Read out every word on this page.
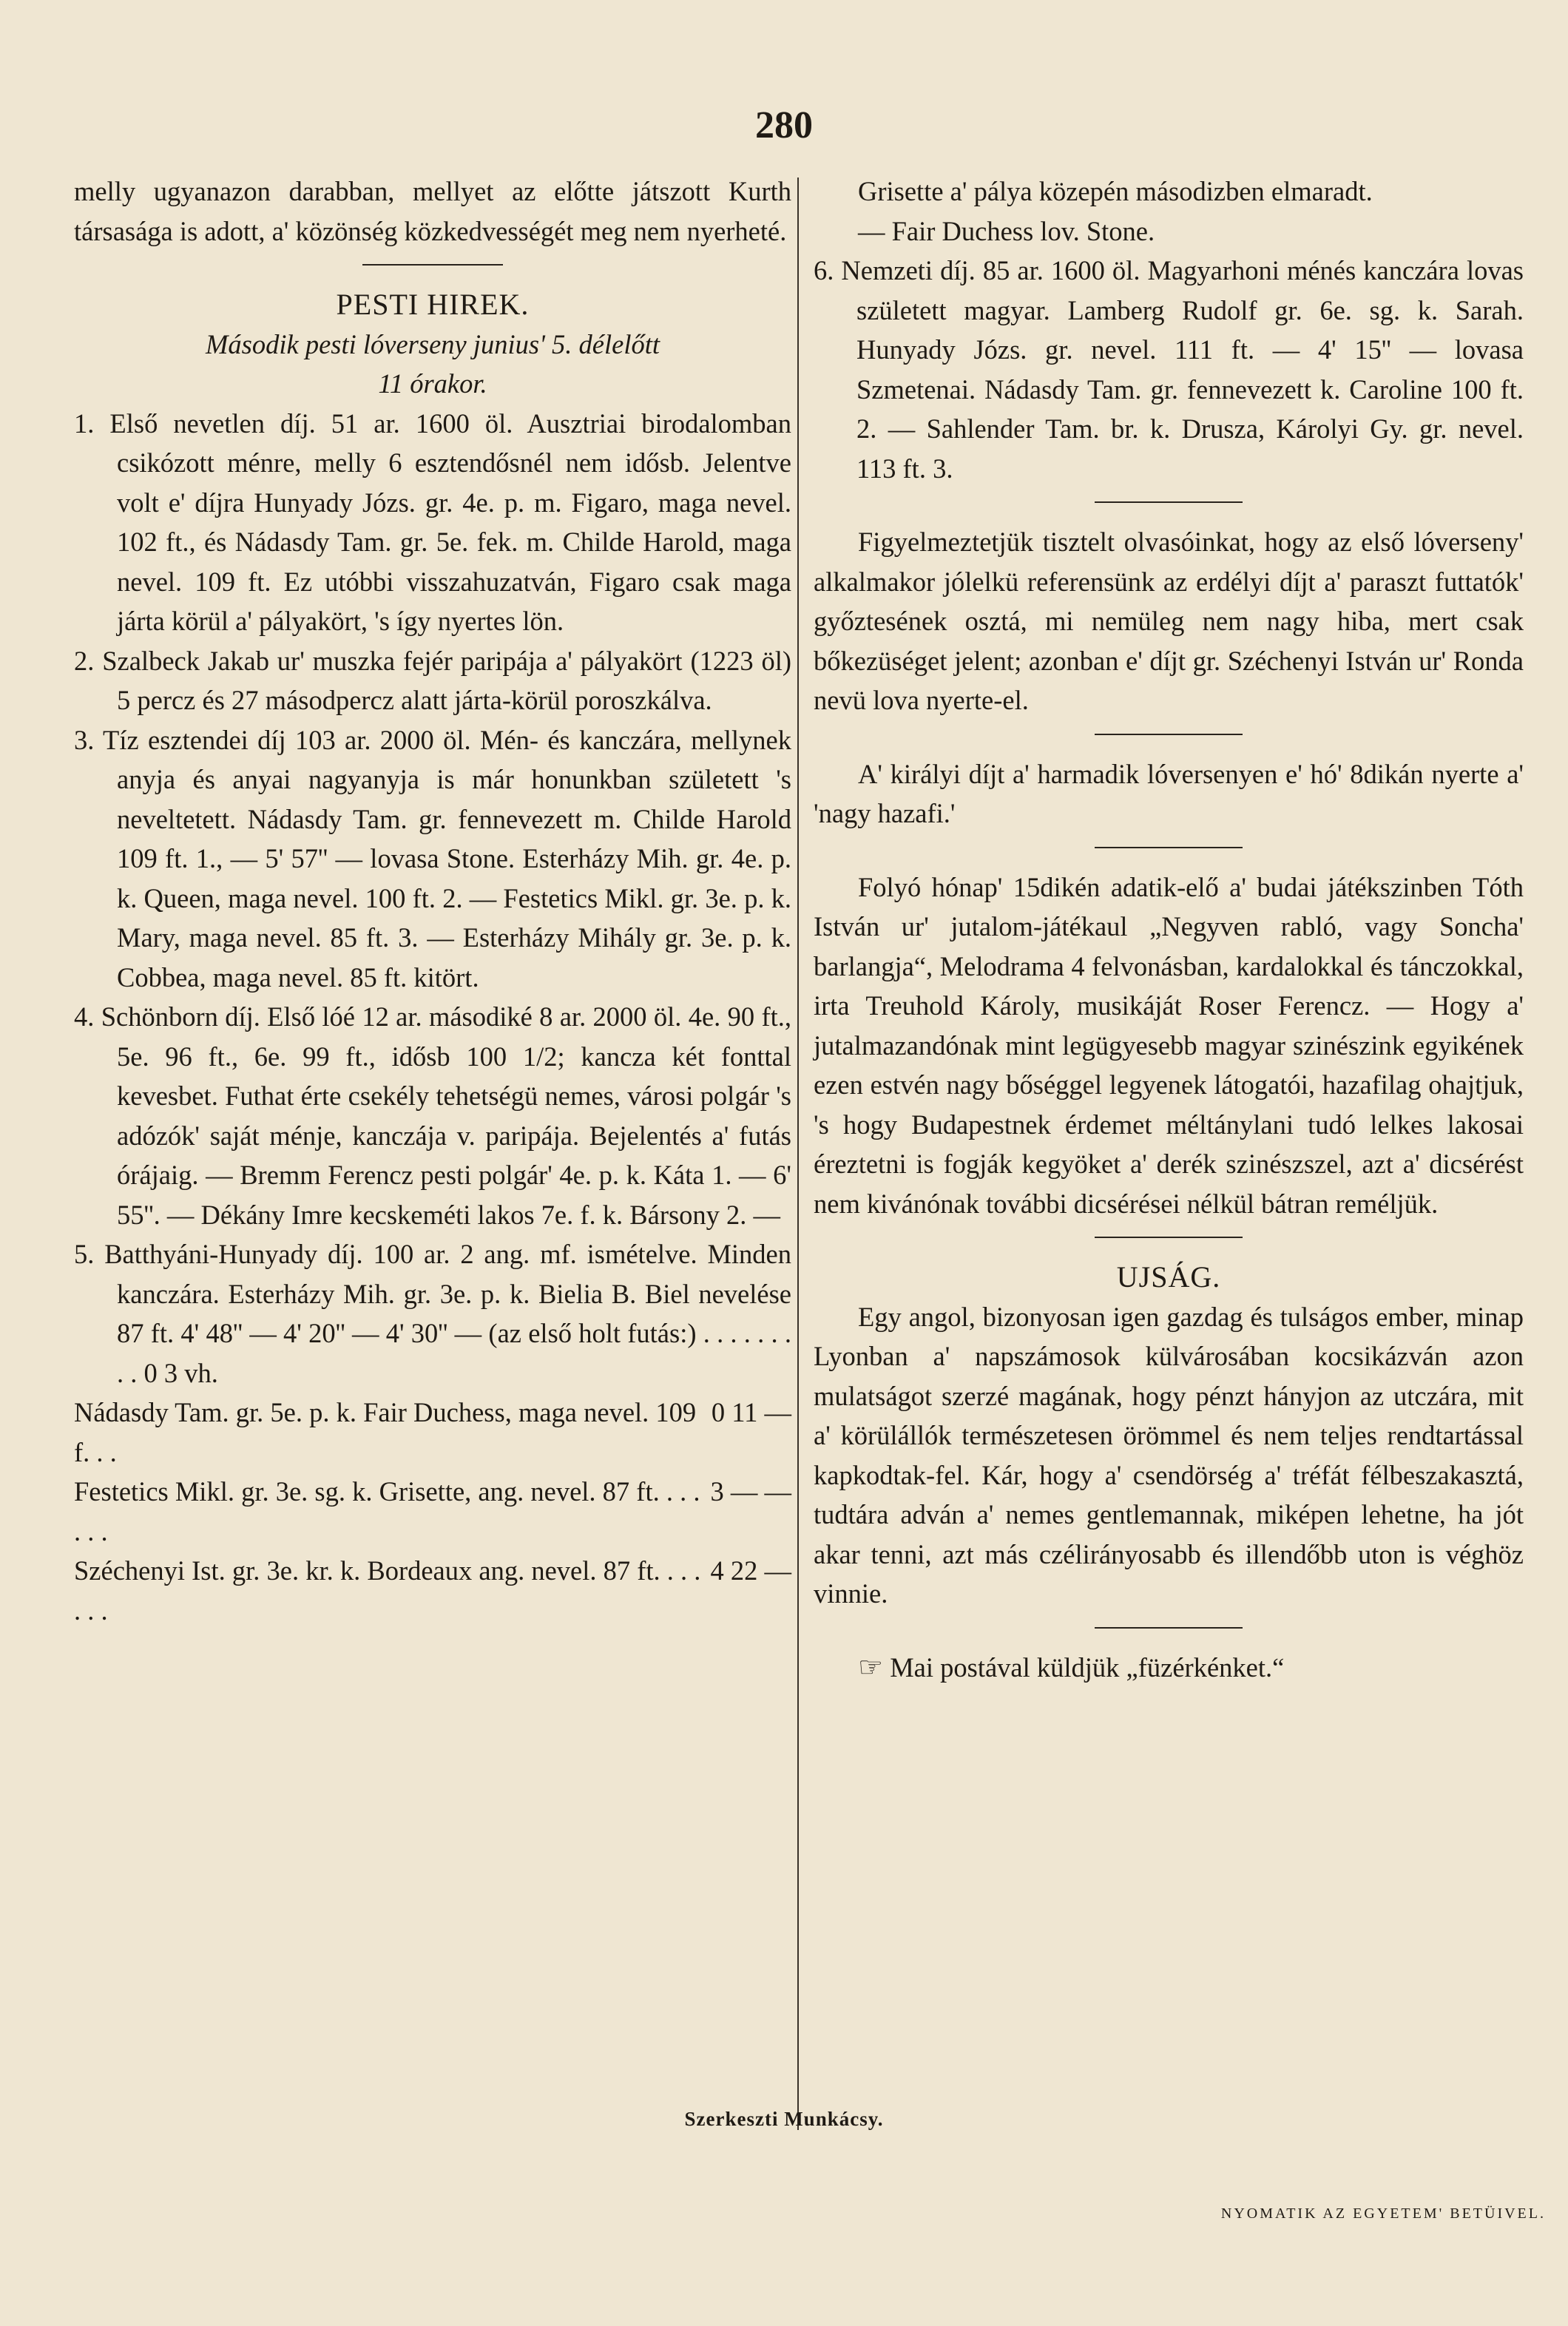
280

melly ugyanazon darabban, mellyet az előtte játszott Kurth társasága is adott, a' közönség közkedvességét meg nem nyerheté.

PESTI HIREK.

Második pesti lóverseny junius' 5. délelőtt

11 órakor.

1. Első nevetlen díj. 51 ar. 1600 öl. Ausztriai birodalomban csikózott ménre, melly 6 esztendősnél nem idősb. Jelentve volt e' díjra Hunyady Józs. gr. 4e. p. m. Figaro, maga nevel. 102 ft., és Nádasdy Tam. gr. 5e. fek. m. Childe Harold, maga nevel. 109 ft. Ez utóbbi visszahuzatván, Figaro csak maga járta körül a' pályakört, 's így nyertes lön.

2. Szalbeck Jakab ur' muszka fejér paripája a' pályakört (1223 öl) 5 percz és 27 másodpercz alatt járta-körül poroszkálva.

3. Tíz esztendei díj 103 ar. 2000 öl. Mén- és kanczára, mellynek anyja és anyai nagyanyja is már honunkban született 's neveltetett. Nádasdy Tam. gr. fennevezett m. Childe Harold 109 ft. 1., — 5' 57'' — lovasa Stone. Esterházy Mih. gr. 4e. p. k. Queen, maga nevel. 100 ft. 2. — Festetics Mikl. gr. 3e. p. k. Mary, maga nevel. 85 ft. 3. — Esterházy Mihály gr. 3e. p. k. Cobbea, maga nevel. 85 ft. kitört.

4. Schönborn díj. Első lóé 12 ar. másodiké 8 ar. 2000 öl. 4e. 90 ft., 5e. 96 ft., 6e. 99 ft., idősb 100 1/2; kancza két fonttal kevesbet. Futhat érte csekély tehetségü nemes, városi polgár 's adózók' saját ménje, kanczája v. paripája. Bejelentés a' futás órájaig. — Bremm Ferencz pesti polgár' 4e. p. k. Káta 1. — 6' 55''. — Dékány Imre kecskeméti lakos 7e. f. k. Bársony 2. —

5. Batthyáni-Hunyady díj. 100 ar. 2 ang. mf. ismételve. Minden kanczára. Esterházy Mih. gr. 3e. p. k. Bielia B. Biel nevelése 87 ft. 4' 48'' — 4' 20'' — 4' 30'' — (az első holt futás:) . . . . . . . . . 0 3 vh.

Nádasdy Tam. gr. 5e. p. k. Fair Duchess, maga nevel. 109 f. . .
0 11 —
Festetics Mikl. gr. 3e. sg. k. Grisette, ang. nevel. 87 ft. . . . . . .
3 — —
Széchenyi Ist. gr. 3e. kr. k. Bordeaux ang. nevel. 87 ft. . . . . . .
4 22 —

Grisette a' pálya közepén másodizben elmaradt.

— Fair Duchess lov. Stone.

6. Nemzeti díj. 85 ar. 1600 öl. Magyarhoni ménés kanczára lovas született magyar. Lamberg Rudolf gr. 6e. sg. k. Sarah. Hunyady Józs. gr. nevel. 111 ft. — 4' 15'' — lovasa Szmetenai. Nádasdy Tam. gr. fennevezett k. Caroline 100 ft. 2. — Sahlender Tam. br. k. Drusza, Károlyi Gy. gr. nevel. 113 ft. 3.

Figyelmeztetjük tisztelt olvasóinkat, hogy az első lóverseny' alkalmakor jólelkü referensünk az erdélyi díjt a' paraszt futtatók' győztesének osztá, mi nemüleg nem nagy hiba, mert csak bőkezüséget jelent; azonban e' díjt gr. Széchenyi István ur' Ronda nevü lova nyerte-el.

A' királyi díjt a' harmadik lóversenyen e' hó' 8dikán nyerte a' 'nagy hazafi.'

Folyó hónap' 15dikén adatik-elő a' budai játékszinben Tóth István ur' jutalom-játékaul „Negyven rabló, vagy Soncha' barlangja“, Melodrama 4 felvonásban, kardalokkal és tánczokkal, irta Treuhold Károly, musikáját Roser Ferencz. — Hogy a' jutalmazandónak mint legügyesebb magyar szinészink egyikének ezen estvén nagy bőséggel legyenek látogatói, hazafilag ohajtjuk, 's hogy Budapestnek érdemet méltánylani tudó lelkes lakosai éreztetni is fogják kegyöket a' derék szinészszel, azt a' dicsérést nem kivánónak további dicsérései nélkül bátran reméljük.

UJSÁG.

Egy angol, bizonyosan igen gazdag és tulságos ember, minap Lyonban a' napszámosok külvárosában kocsikázván azon mulatságot szerzé magának, hogy pénzt hányjon az utczára, mit a' körülállók természetesen örömmel és nem teljes rendtartással kapkodtak-fel. Kár, hogy a' csendörség a' tréfát félbeszakasztá, tudtára adván a' nemes gentlemannak, miképen lehetne, ha jót akar tenni, azt más czélirányosabb és illendőbb uton is véghöz vinnie.

☞ Mai postával küldjük „füzérkénket.“

Szerkeszti Munkácsy.
NYOMATIK AZ EGYETEM' BETÜIVEL.
